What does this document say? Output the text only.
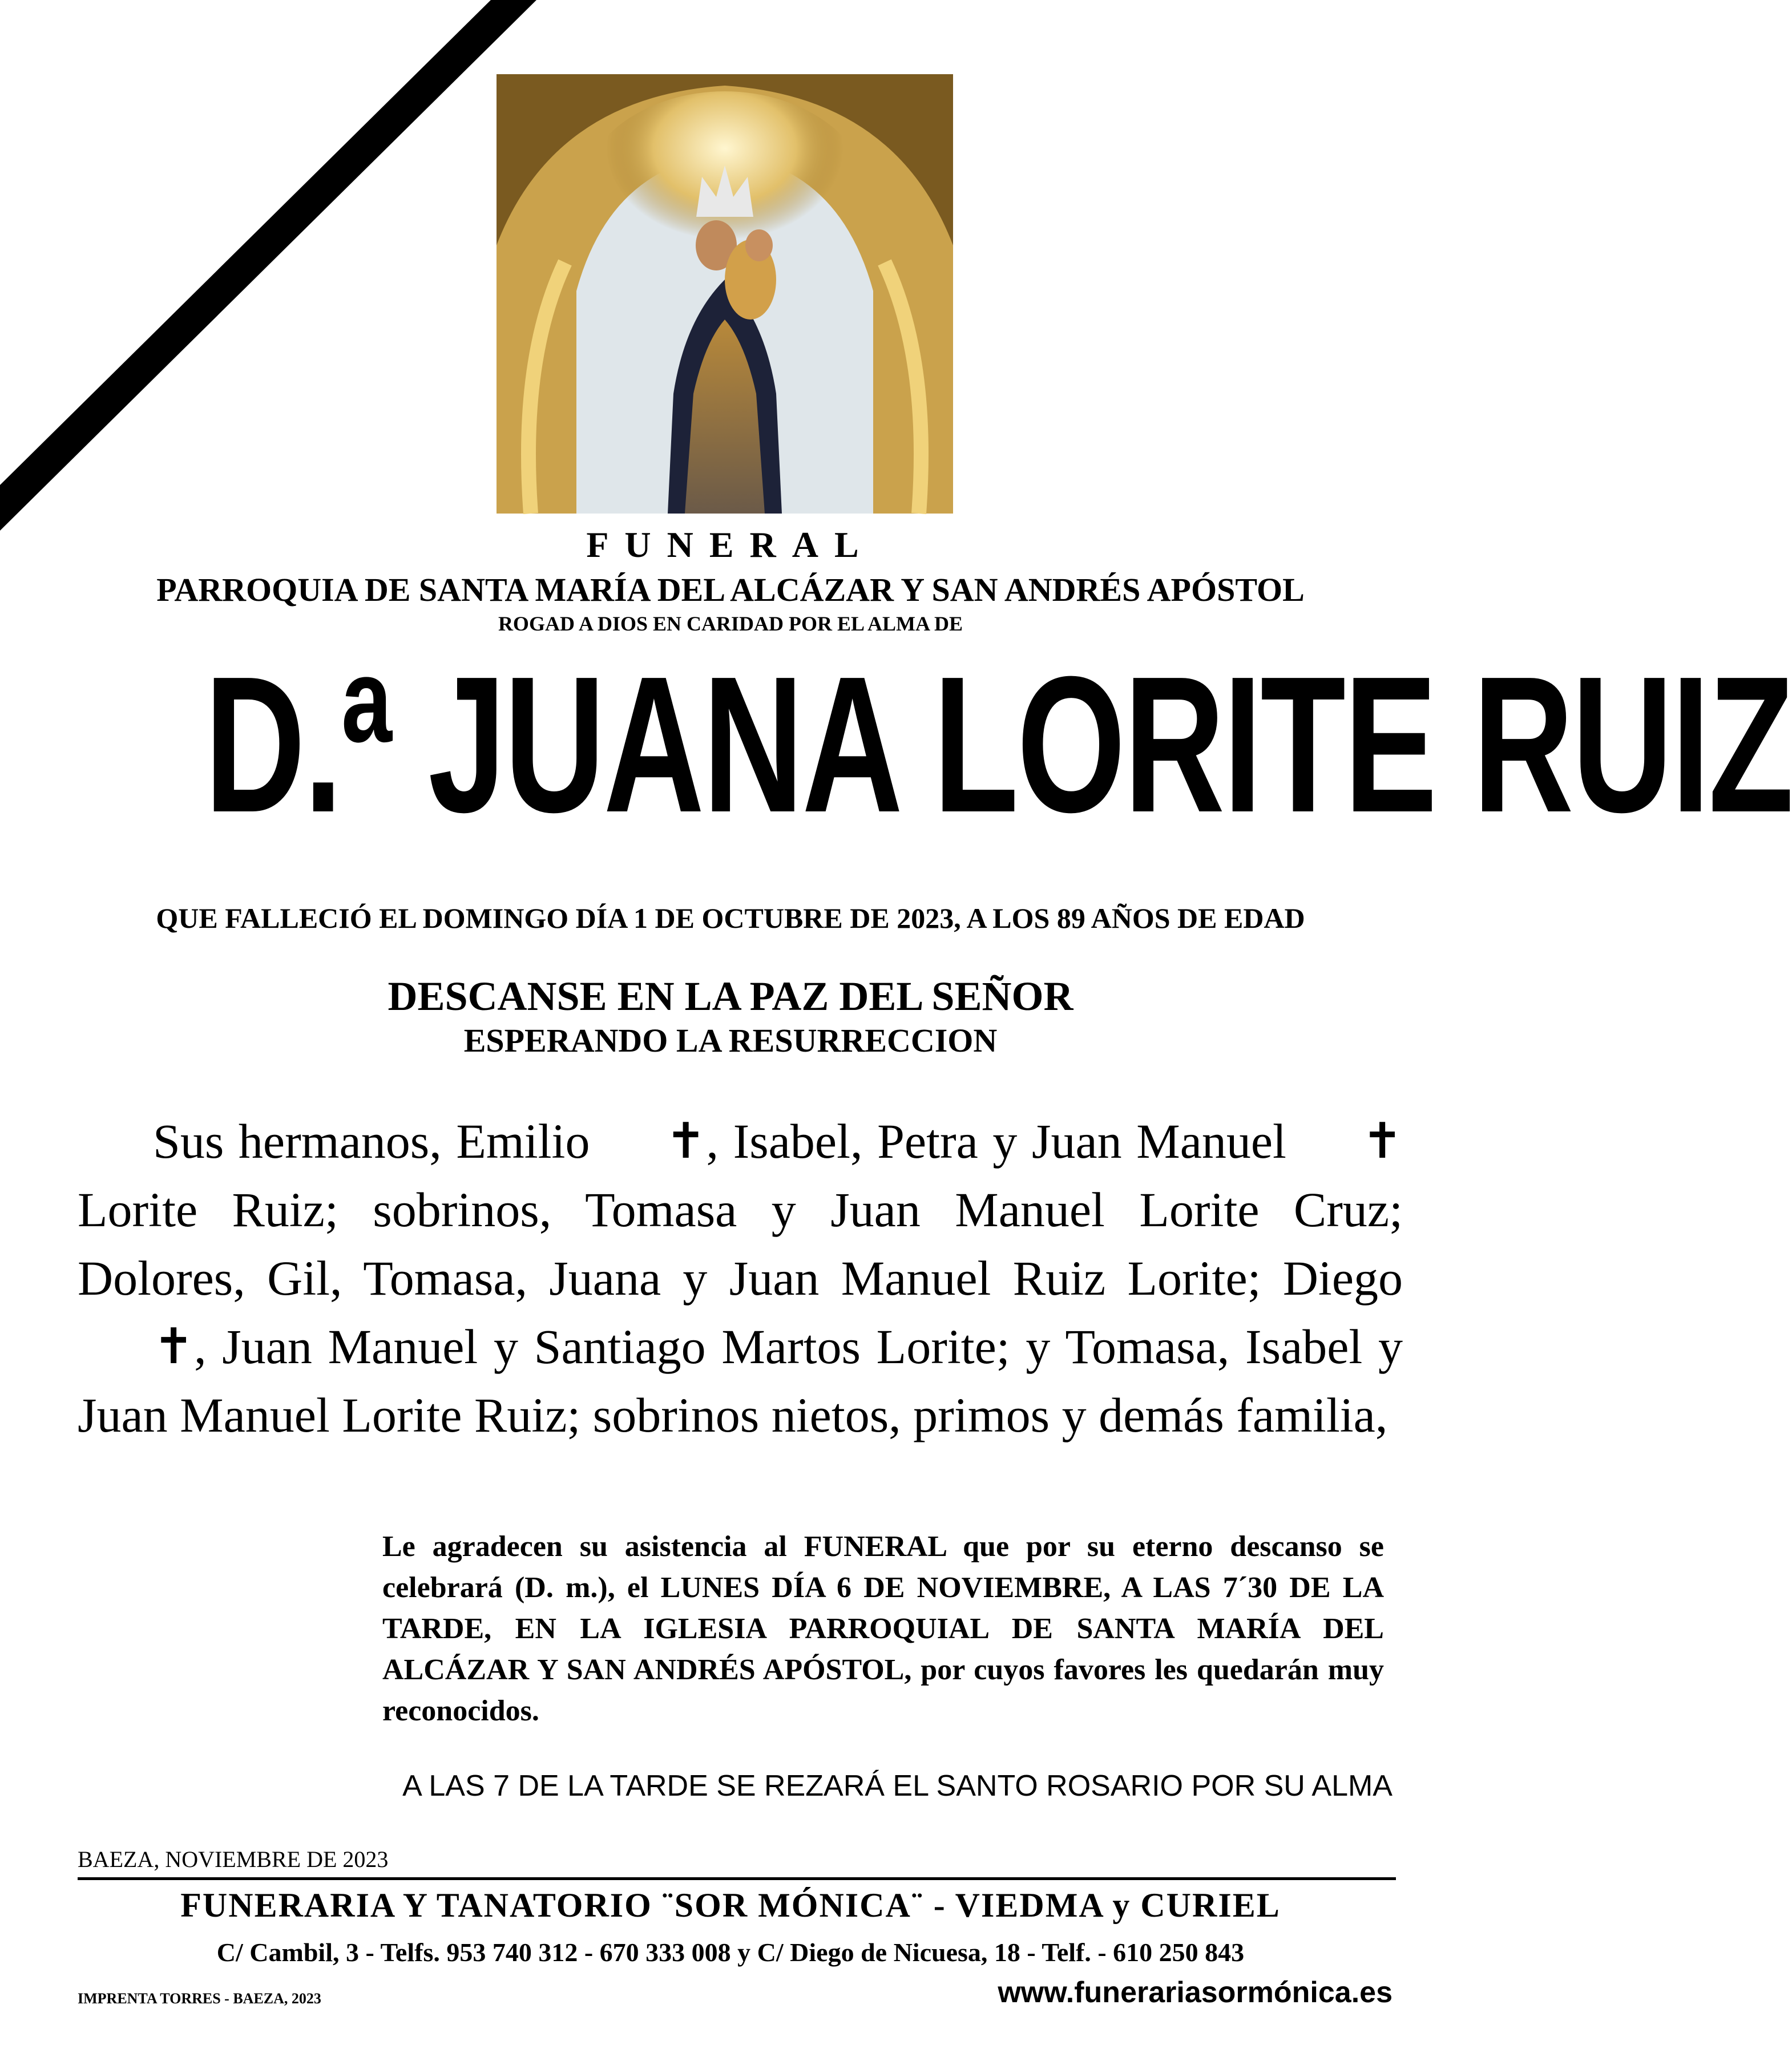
FUNERAL
PARROQUIA DE SANTA MARÍA DEL ALCÁZAR Y SAN ANDRÉS APÓSTOL
ROGAD A DIOS EN CARIDAD POR EL ALMA DE
D.ª JUANA LORITE RUIZ
QUE FALLECIÓ EL DOMINGO DÍA 1 DE OCTUBRE DE 2023, A LOS 89 AÑOS DE EDAD
DESCANSE EN LA PAZ DEL SEÑOR
ESPERANDO LA RESURRECCION
Sus hermanos, Emilio ✝, Isabel, Petra y Juan Manuel ✝ Lorite Ruiz; sobrinos, Tomasa y Juan Manuel Lorite Cruz; Dolores, Gil, Tomasa, Juana y Juan Manuel Ruiz Lorite; Diego✝, Juan Manuel y Santiago Martos Lorite; y Tomasa, Isabel y Juan Manuel Lorite Ruiz; sobrinos nietos, primos y demás familia,
Le agradecen su asistencia al FUNERAL que por su eterno descanso se celebrará (D. m.), el LUNES DÍA 6 DE NOVIEMBRE, A LAS 7´30 DE LA TARDE, EN LA IGLESIA PARROQUIAL DE SANTA MARÍA DEL ALCÁZAR Y SAN ANDRÉS APÓSTOL, por cuyos favores les quedarán muy reconocidos.
A LAS 7 DE LA TARDE SE REZARÁ EL SANTO ROSARIO POR SU ALMA
BAEZA, NOVIEMBRE DE 2023
FUNERARIA Y TANATORIO ¨SOR MÓNICA¨ - VIEDMA y CURIEL
C/ Cambil, 3 - Telfs. 953 740 312 - 670 333 008 y C/ Diego de Nicuesa, 18 - Telf. - 610 250 843
IMPRENTA TORRES - BAEZA, 2023	www.funerariasormónica.es
